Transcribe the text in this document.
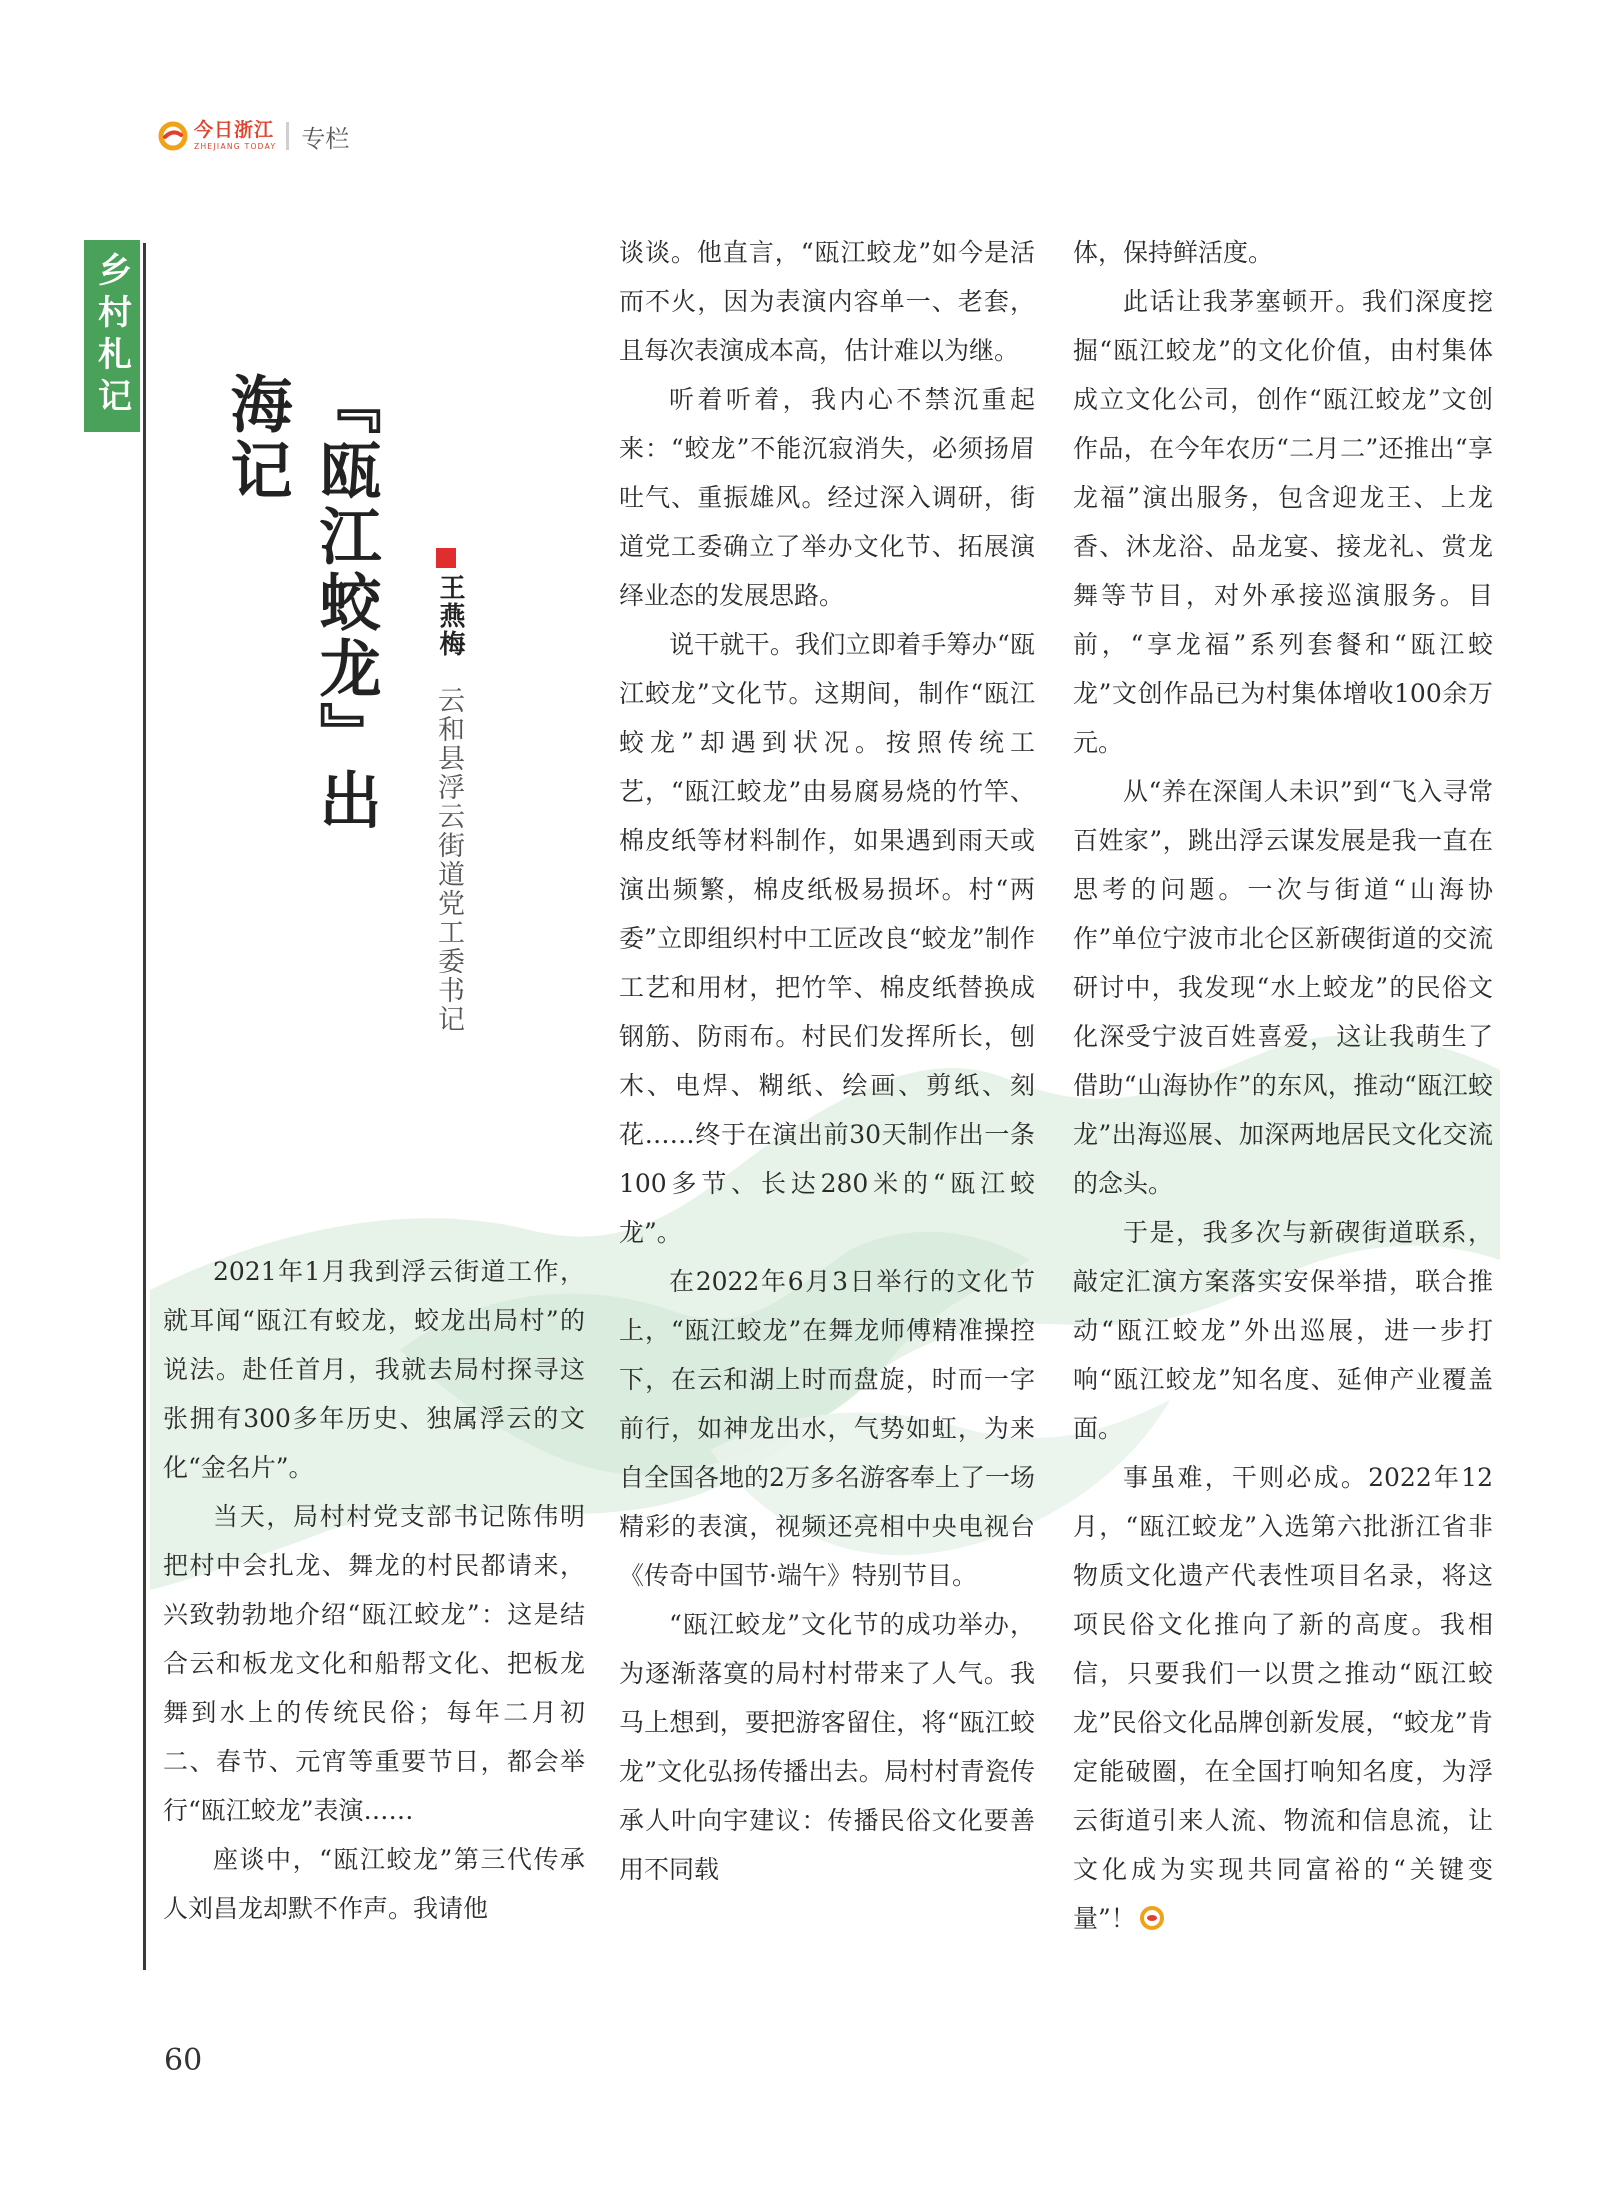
今日浙江
ZHEJIANG TODAY 专栏
乡村札记
『瓯江蛟龙』出海记
王燕梅
云和县浮云街道党工委书记

2021年1月我到浮云街道工作，就耳闻“瓯江有蛟龙，蛟龙出局村”的说法。赴任首月，我就去局村探寻这张拥有300多年历史、独属浮云的文化“金名片”。

当天，局村村党支部书记陈伟明把村中会扎龙、舞龙的村民都请来，兴致勃勃地介绍“瓯江蛟龙”：这是结合云和板龙文化和船帮文化、把板龙舞到水上的传统民俗；每年二月初二、春节、元宵等重要节日，都会举行“瓯江蛟龙”表演……

座谈中，“瓯江蛟龙”第三代传承人刘昌龙却默不作声。我请他

谈谈。他直言，“瓯江蛟龙”如今是活而不火，因为表演内容单一、老套，且每次表演成本高，估计难以为继。

听着听着，我内心不禁沉重起来：“蛟龙”不能沉寂消失，必须扬眉吐气、重振雄风。经过深入调研，街道党工委确立了举办文化节、拓展演绎业态的发展思路。

说干就干。我们立即着手筹办“瓯江蛟龙”文化节。这期间，制作“瓯江蛟龙”却遇到状况。按照传统工艺，“瓯江蛟龙”由易腐易烧的竹竿、棉皮纸等材料制作，如果遇到雨天或演出频繁，棉皮纸极易损坏。村“两委”立即组织村中工匠改良“蛟龙”制作工艺和用材，把竹竿、棉皮纸替换成钢筋、防雨布。村民们发挥所长，刨木、电焊、糊纸、绘画、剪纸、刻花……终于在演出前30天制作出一条100多节、长达280米的“瓯江蛟龙”。

在2022年6月3日举行的文化节上，“瓯江蛟龙”在舞龙师傅精准操控下，在云和湖上时而盘旋，时而一字前行，如神龙出水，气势如虹，为来自全国各地的2万多名游客奉上了一场精彩的表演，视频还亮相中央电视台《传奇中国节·端午》特别节目。

“瓯江蛟龙”文化节的成功举办，为逐渐落寞的局村村带来了人气。我马上想到，要把游客留住，将“瓯江蛟龙”文化弘扬传播出去。局村村青瓷传承人叶向宇建议：传播民俗文化要善用不同载

体，保持鲜活度。

此话让我茅塞顿开。我们深度挖掘“瓯江蛟龙”的文化价值，由村集体成立文化公司，创作“瓯江蛟龙”文创作品，在今年农历“二月二”还推出“享龙福”演出服务，包含迎龙王、上龙香、沐龙浴、品龙宴、接龙礼、赏龙舞等节目，对外承接巡演服务。目前，“享龙福”系列套餐和“瓯江蛟龙”文创作品已为村集体增收100余万元。

从“养在深闺人未识”到“飞入寻常百姓家”，跳出浮云谋发展是我一直在思考的问题。一次与街道“山海协作”单位宁波市北仑区新碶街道的交流研讨中，我发现“水上蛟龙”的民俗文化深受宁波百姓喜爱，这让我萌生了借助“山海协作”的东风，推动“瓯江蛟龙”出海巡展、加深两地居民文化交流的念头。

于是，我多次与新碶街道联系，敲定汇演方案落实安保举措，联合推动“瓯江蛟龙”外出巡展，进一步打响“瓯江蛟龙”知名度、延伸产业覆盖面。

事虽难，干则必成。2022年12月，“瓯江蛟龙”入选第六批浙江省非物质文化遗产代表性项目名录，将这项民俗文化推向了新的高度。我相信，只要我们一以贯之推动“瓯江蛟龙”民俗文化品牌创新发展，“蛟龙”肯定能破圈，在全国打响知名度，为浮云街道引来人流、物流和信息流，让文化成为实现共同富裕的“关键变量”！

60
